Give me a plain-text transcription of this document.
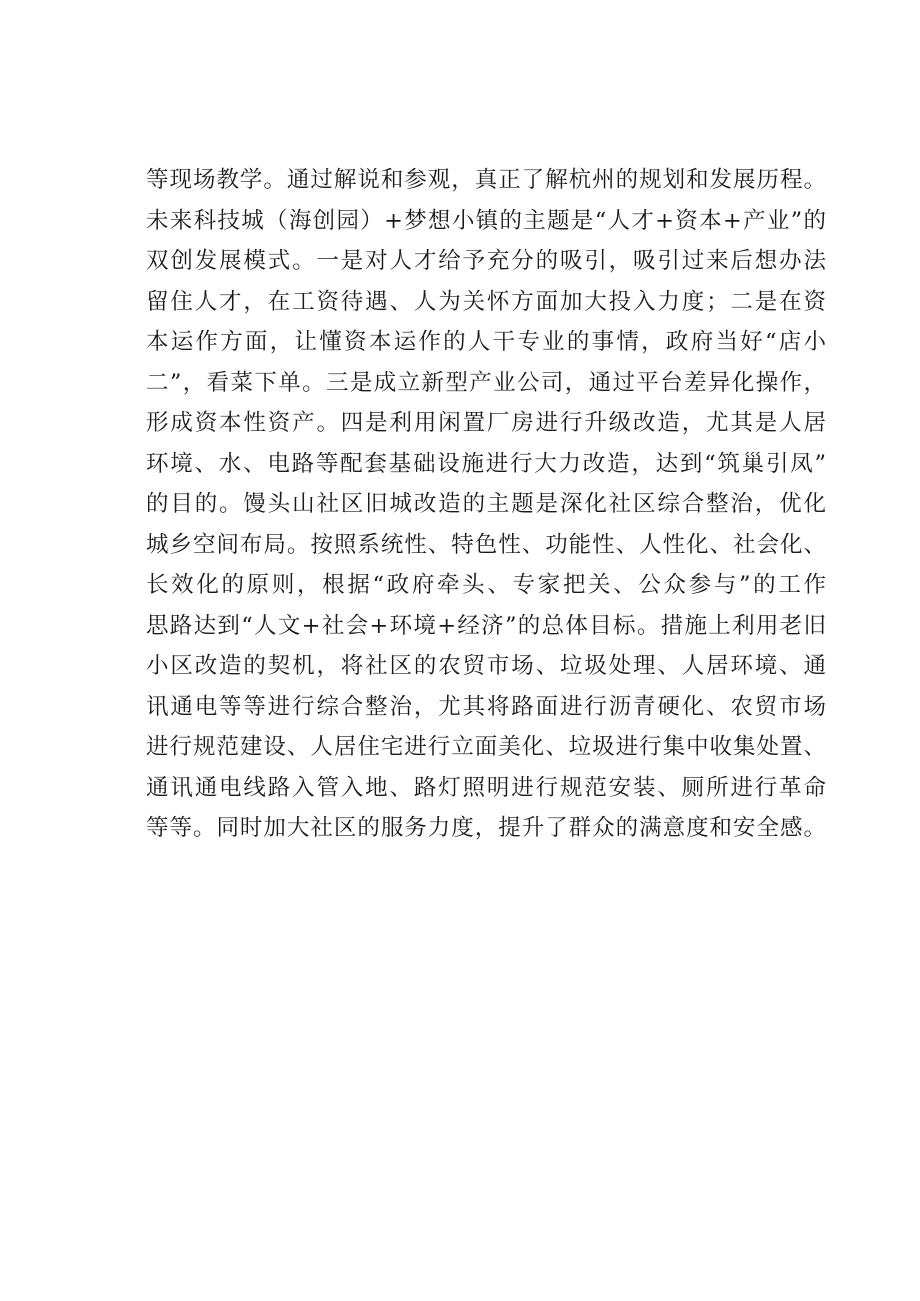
等现场教学。通过解说和参观，真正了解杭州的规划和发展历程。
未来科技城（海创园）+梦想小镇的主题是“人才+资本+产业”的
双创发展模式。一是对人才给予充分的吸引，吸引过来后想办法
留住人才，在工资待遇、人为关怀方面加大投入力度；二是在资
本运作方面，让懂资本运作的人干专业的事情，政府当好“店小
二”，看菜下单。三是成立新型产业公司，通过平台差异化操作，
形成资本性资产。四是利用闲置厂房进行升级改造，尤其是人居
环境、水、电路等配套基础设施进行大力改造，达到“筑巢引凤”
的目的。馒头山社区旧城改造的主题是深化社区综合整治，优化
城乡空间布局。按照系统性、特色性、功能性、人性化、社会化、
长效化的原则，根据“政府牵头、专家把关、公众参与”的工作
思路达到“人文+社会+环境+经济”的总体目标。措施上利用老旧
小区改造的契机，将社区的农贸市场、垃圾处理、人居环境、通
讯通电等等进行综合整治，尤其将路面进行沥青硬化、农贸市场
进行规范建设、人居住宅进行立面美化、垃圾进行集中收集处置、
通讯通电线路入管入地、路灯照明进行规范安装、厕所进行革命
等等。同时加大社区的服务力度，提升了群众的满意度和安全感。
